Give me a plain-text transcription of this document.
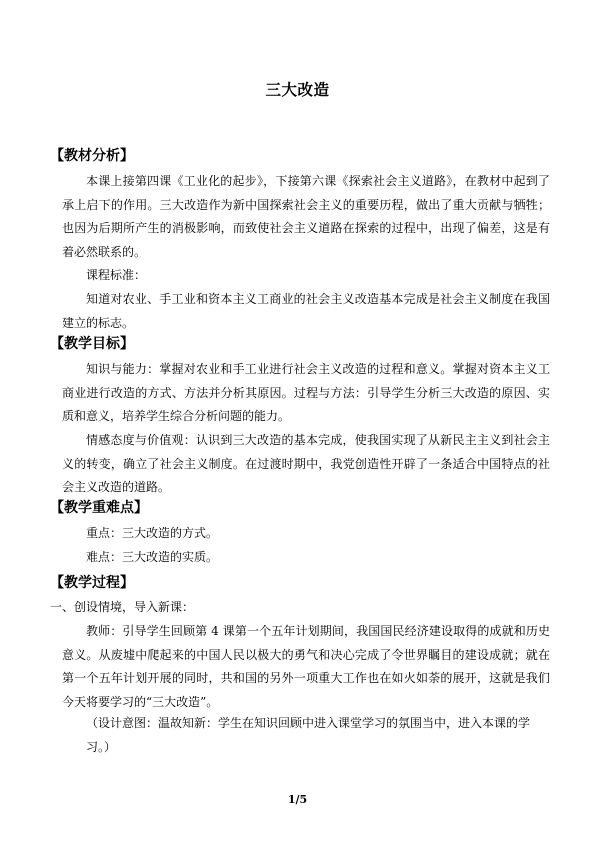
三大改造
【教材分析】

本课上接第四课《工业化的起步》，下接第六课《探索社会主义道路》，在教材中起到了承上启下的作用。三大改造作为新中国探索社会主义的重要历程，做出了重大贡献与牺牲；也因为后期所产生的消极影响，而致使社会主义道路在探索的过程中，出现了偏差，这是有着必然联系的。

课程标准：

知道对农业、手工业和资本主义工商业的社会主义改造基本完成是社会主义制度在我国建立的标志。

【教学目标】

知识与能力：掌握对农业和手工业进行社会主义改造的过程和意义。掌握对资本主义工商业进行改造的方式、方法并分析其原因。过程与方法：引导学生分析三大改造的原因、实质和意义，培养学生综合分析问题的能力。

情感态度与价值观：认识到三大改造的基本完成，使我国实现了从新民主主义到社会主义的转变，确立了社会主义制度。在过渡时期中，我党创造性开辟了一条适合中国特点的社会主义改造的道路。

【教学重难点】

重点：三大改造的方式。

难点：三大改造的实质。

【教学过程】

一、创设情境，导入新课：

教师：引导学生回顾第 4 课第一个五年计划期间，我国国民经济建设取得的成就和历史意义。从废墟中爬起来的中国人民以极大的勇气和决心完成了令世界瞩目的建设成就；就在第一个五年计划开展的同时，共和国的另外一项重大工作也在如火如荼的展开，这就是我们今天将要学习的“三大改造”。

（设计意图：温故知新：学生在知识回顾中进入课堂学习的氛围当中，进入本课的学习。）

1/5
